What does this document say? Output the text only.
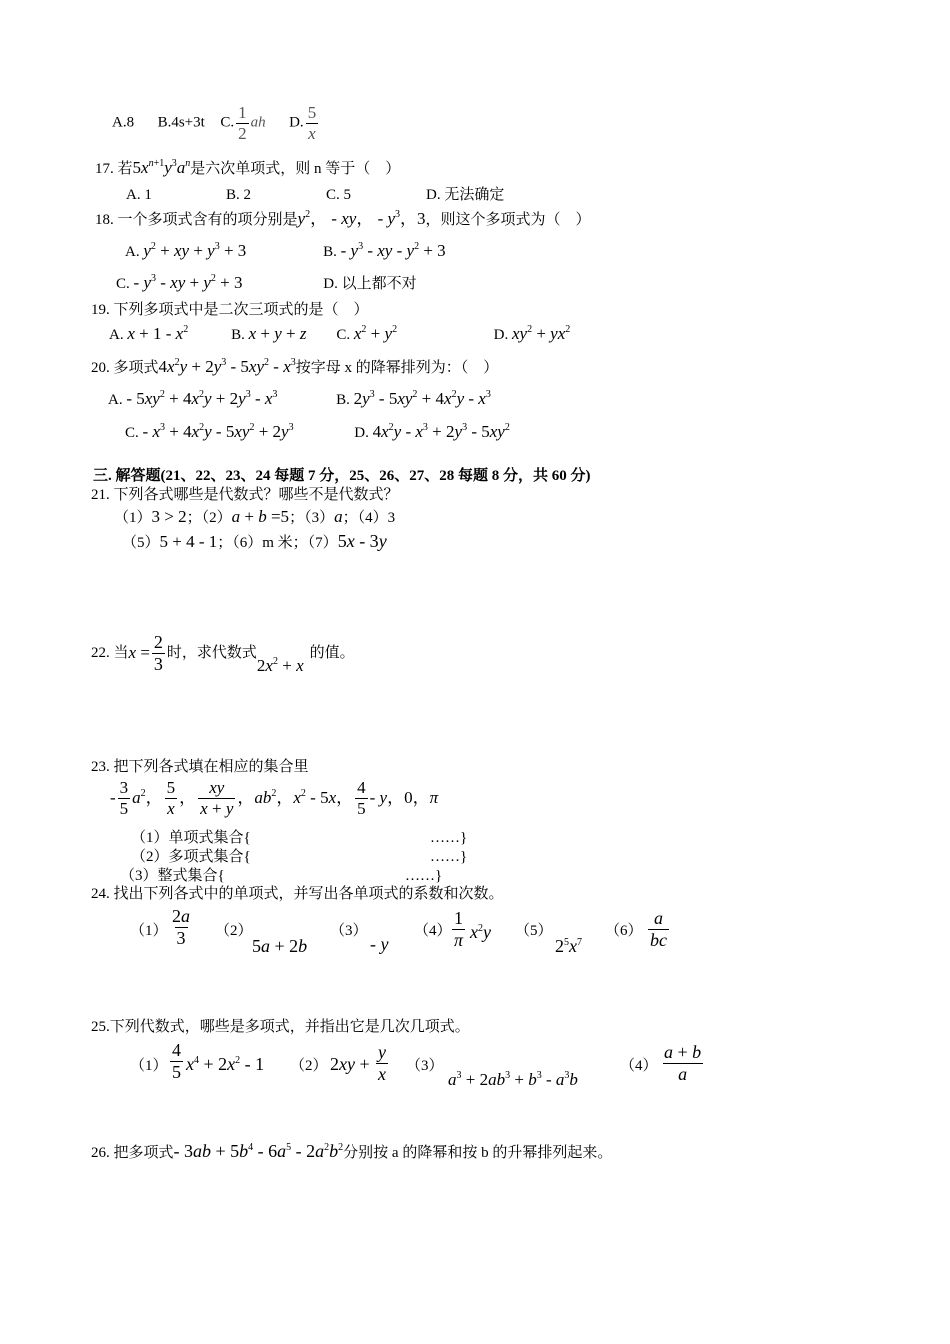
A.8 B.4s+3t C. $\frac{1}{2}$ ah D. $\frac{5}{x}$
17. 若$5x^{n+1}y^3a^n$是六次单项式，则 n 等于（　）
A. 1	B. 2	C. 5	D. 无法确定
18. 一个多项式含有的项分别是$y^2$， - xy， - $y^3$，3，则这个多项式为（　）
A. $y^2$ + xy + $y^3 + 3$	B. - $y^3$ - xy - $y^2 + 3$
C. - $y^3$ - xy + $y^2 + 3$	D. 以上都不对
19. 下列多项式中是二次三项式的是（　）
A. $x + 1 - x^2$	B. x + y + z C. $x^2 + y^2$	D. $xy^2 + yx^2$
20. 多项式$4x^2y + 2y^3 - 5xy^2 - x^3$按字母 x 的降幂排列为：（　）
A. - $5xy^2 + 4x^2y + 2y^3 - x^3$	B. $2y^3 - 5xy^2 + 4x^2y - x^3$
C. - $x^3 + 4x^2y - 5xy^2 + 2y^3$	D. $4x^2y - x^3 + 2y^3 - 5xy^2$
三. 解答题(21、22、23、24 每题 7 分，25、26、27、28 每题 8 分，共 60 分)
21. 下列各式哪些是代数式？哪些不是代数式？
（1）3 > 2；（2）a + b =5；（3）a；（4）3
（5）5 + 4 - 1；（6）m 米；（7）5x - 3y
22. 当$x = \frac{2}{3}$ 时，求代数式$2x^2 + x$的值。
23. 把下列各式填在相应的集合里
- $\frac{3}{5} a^2$， $\frac{5}{x}$ ， $\frac{xy}{x + y}$ ，$ab^2$，$x^2 - 5x$， $\frac{4}{5}$ - y，0，π
（1）单项式集合{	……}
（2）多项式集合{	……}
（3）整式集合{	……}
24. 找出下列各式中的单项式，并写出各单项式的系数和次数。
$(1) \frac{2a}{3} (2)$
5a + 2b
（3）
- y
$(4) \frac{1}{\pi} x^2y$ （5）
$2^5x^7$
$(6) \frac{a}{bc}$
25.下列代数式，哪些是多项式，并指出它是几次几项式。
$(1) \frac{4}{5} x^4 + 2x^2 - 1$ （2） $2xy + \frac{y}{x} (3)$
$a^3 + 2ab^3 + b^3 - a^3b$
$(4) \frac{a + b}{a}$
26. 把多项式- $3ab + 5b^4 - 6a^5 - 2a^2b^2$分别按 a 的降幂和按 b 的升幂排列起来。
